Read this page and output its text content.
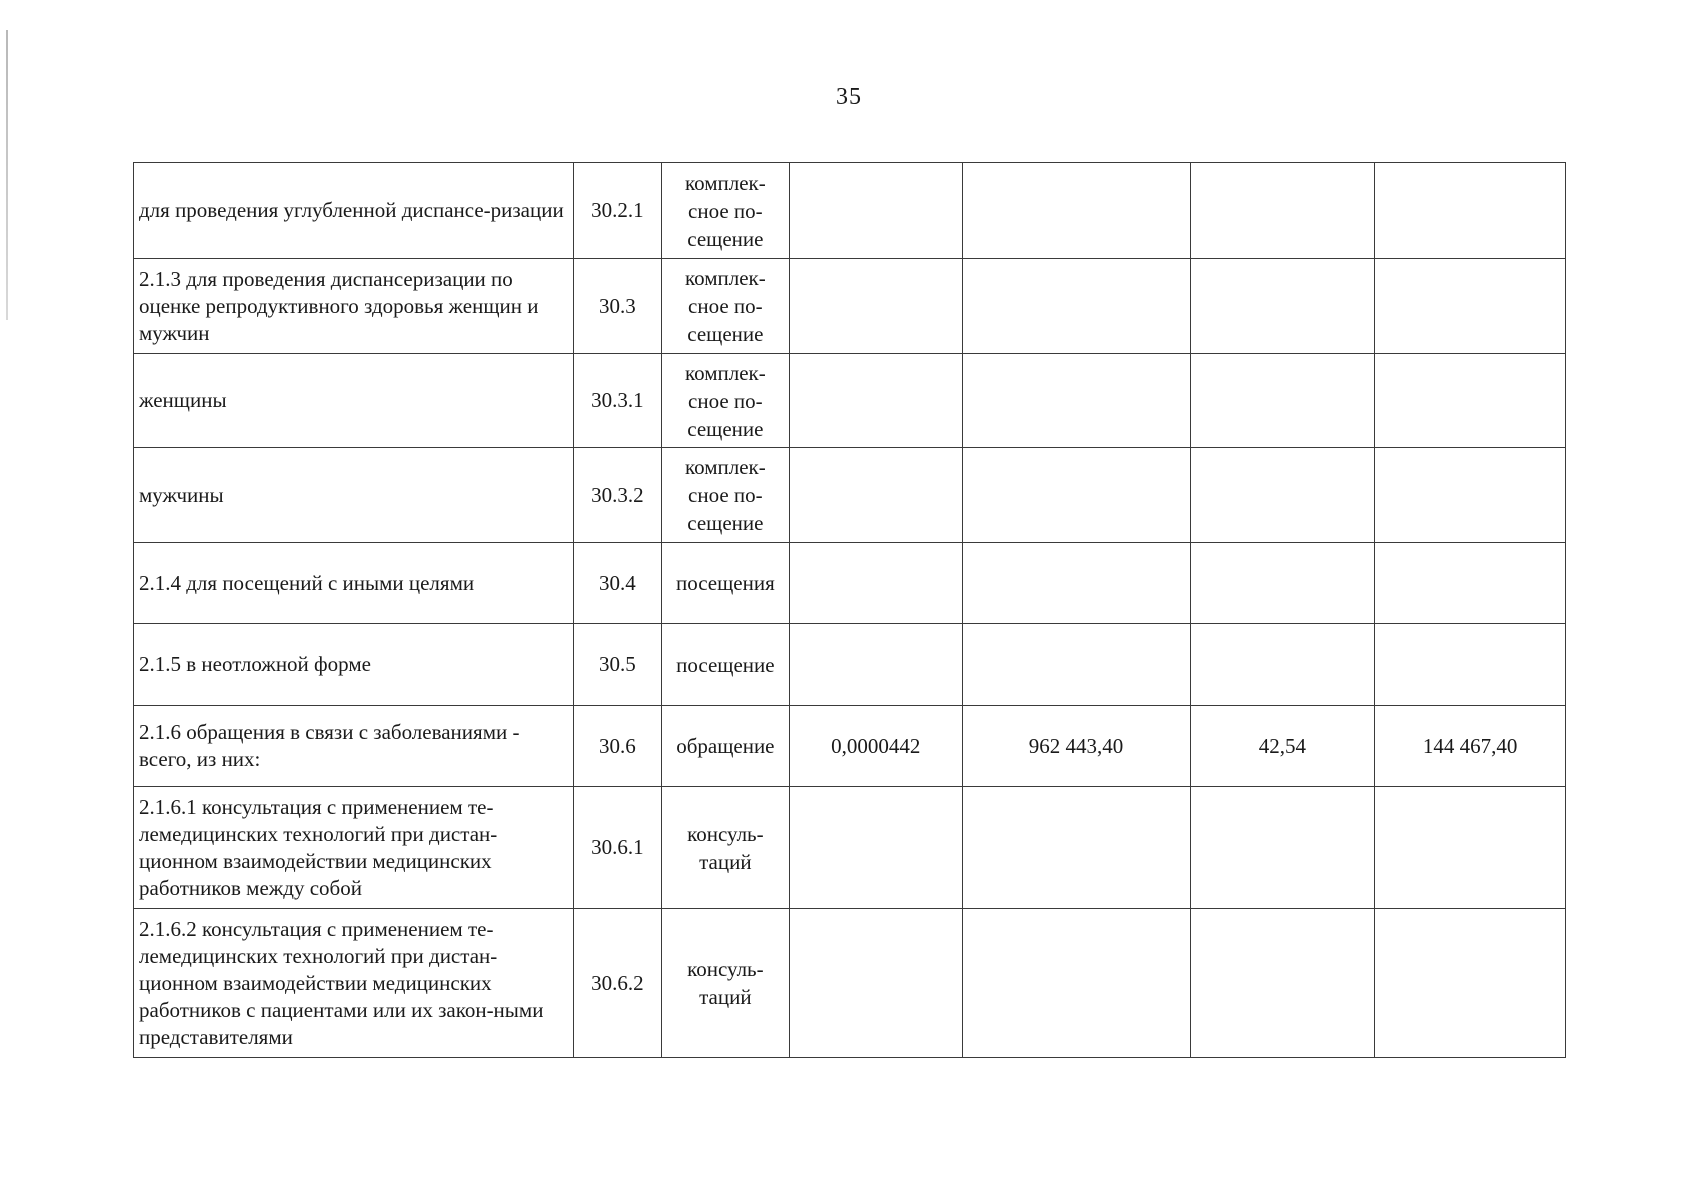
35
для проведения углубленной диспансе-ризации	30.2.1	комплек-сное по-сещение				
2.1.3 для проведения диспансеризации по оценке репродуктивного здоровья женщин и мужчин	30.3	комплек-сное по-сещение				
женщины	30.3.1	комплек-сное по-сещение				
мужчины	30.3.2	комплек-сное по-сещение				
2.1.4 для посещений с иными целями	30.4	посещения				
2.1.5 в неотложной форме	30.5	посещение				
2.1.6 обращения в связи с заболеваниями - всего, из них:	30.6	обращение	0,0000442	962 443,40	42,54	144 467,40
2.1.6.1 консультация с применением те-лемедицинских технологий при дистан-ционном взаимодействии медицинских работников между собой	30.6.1	консуль-таций				
2.1.6.2 консультация с применением те-лемедицинских технологий при дистан-ционном взаимодействии медицинских работников с пациентами или их закон-ными представителями	30.6.2	консуль-таций				
